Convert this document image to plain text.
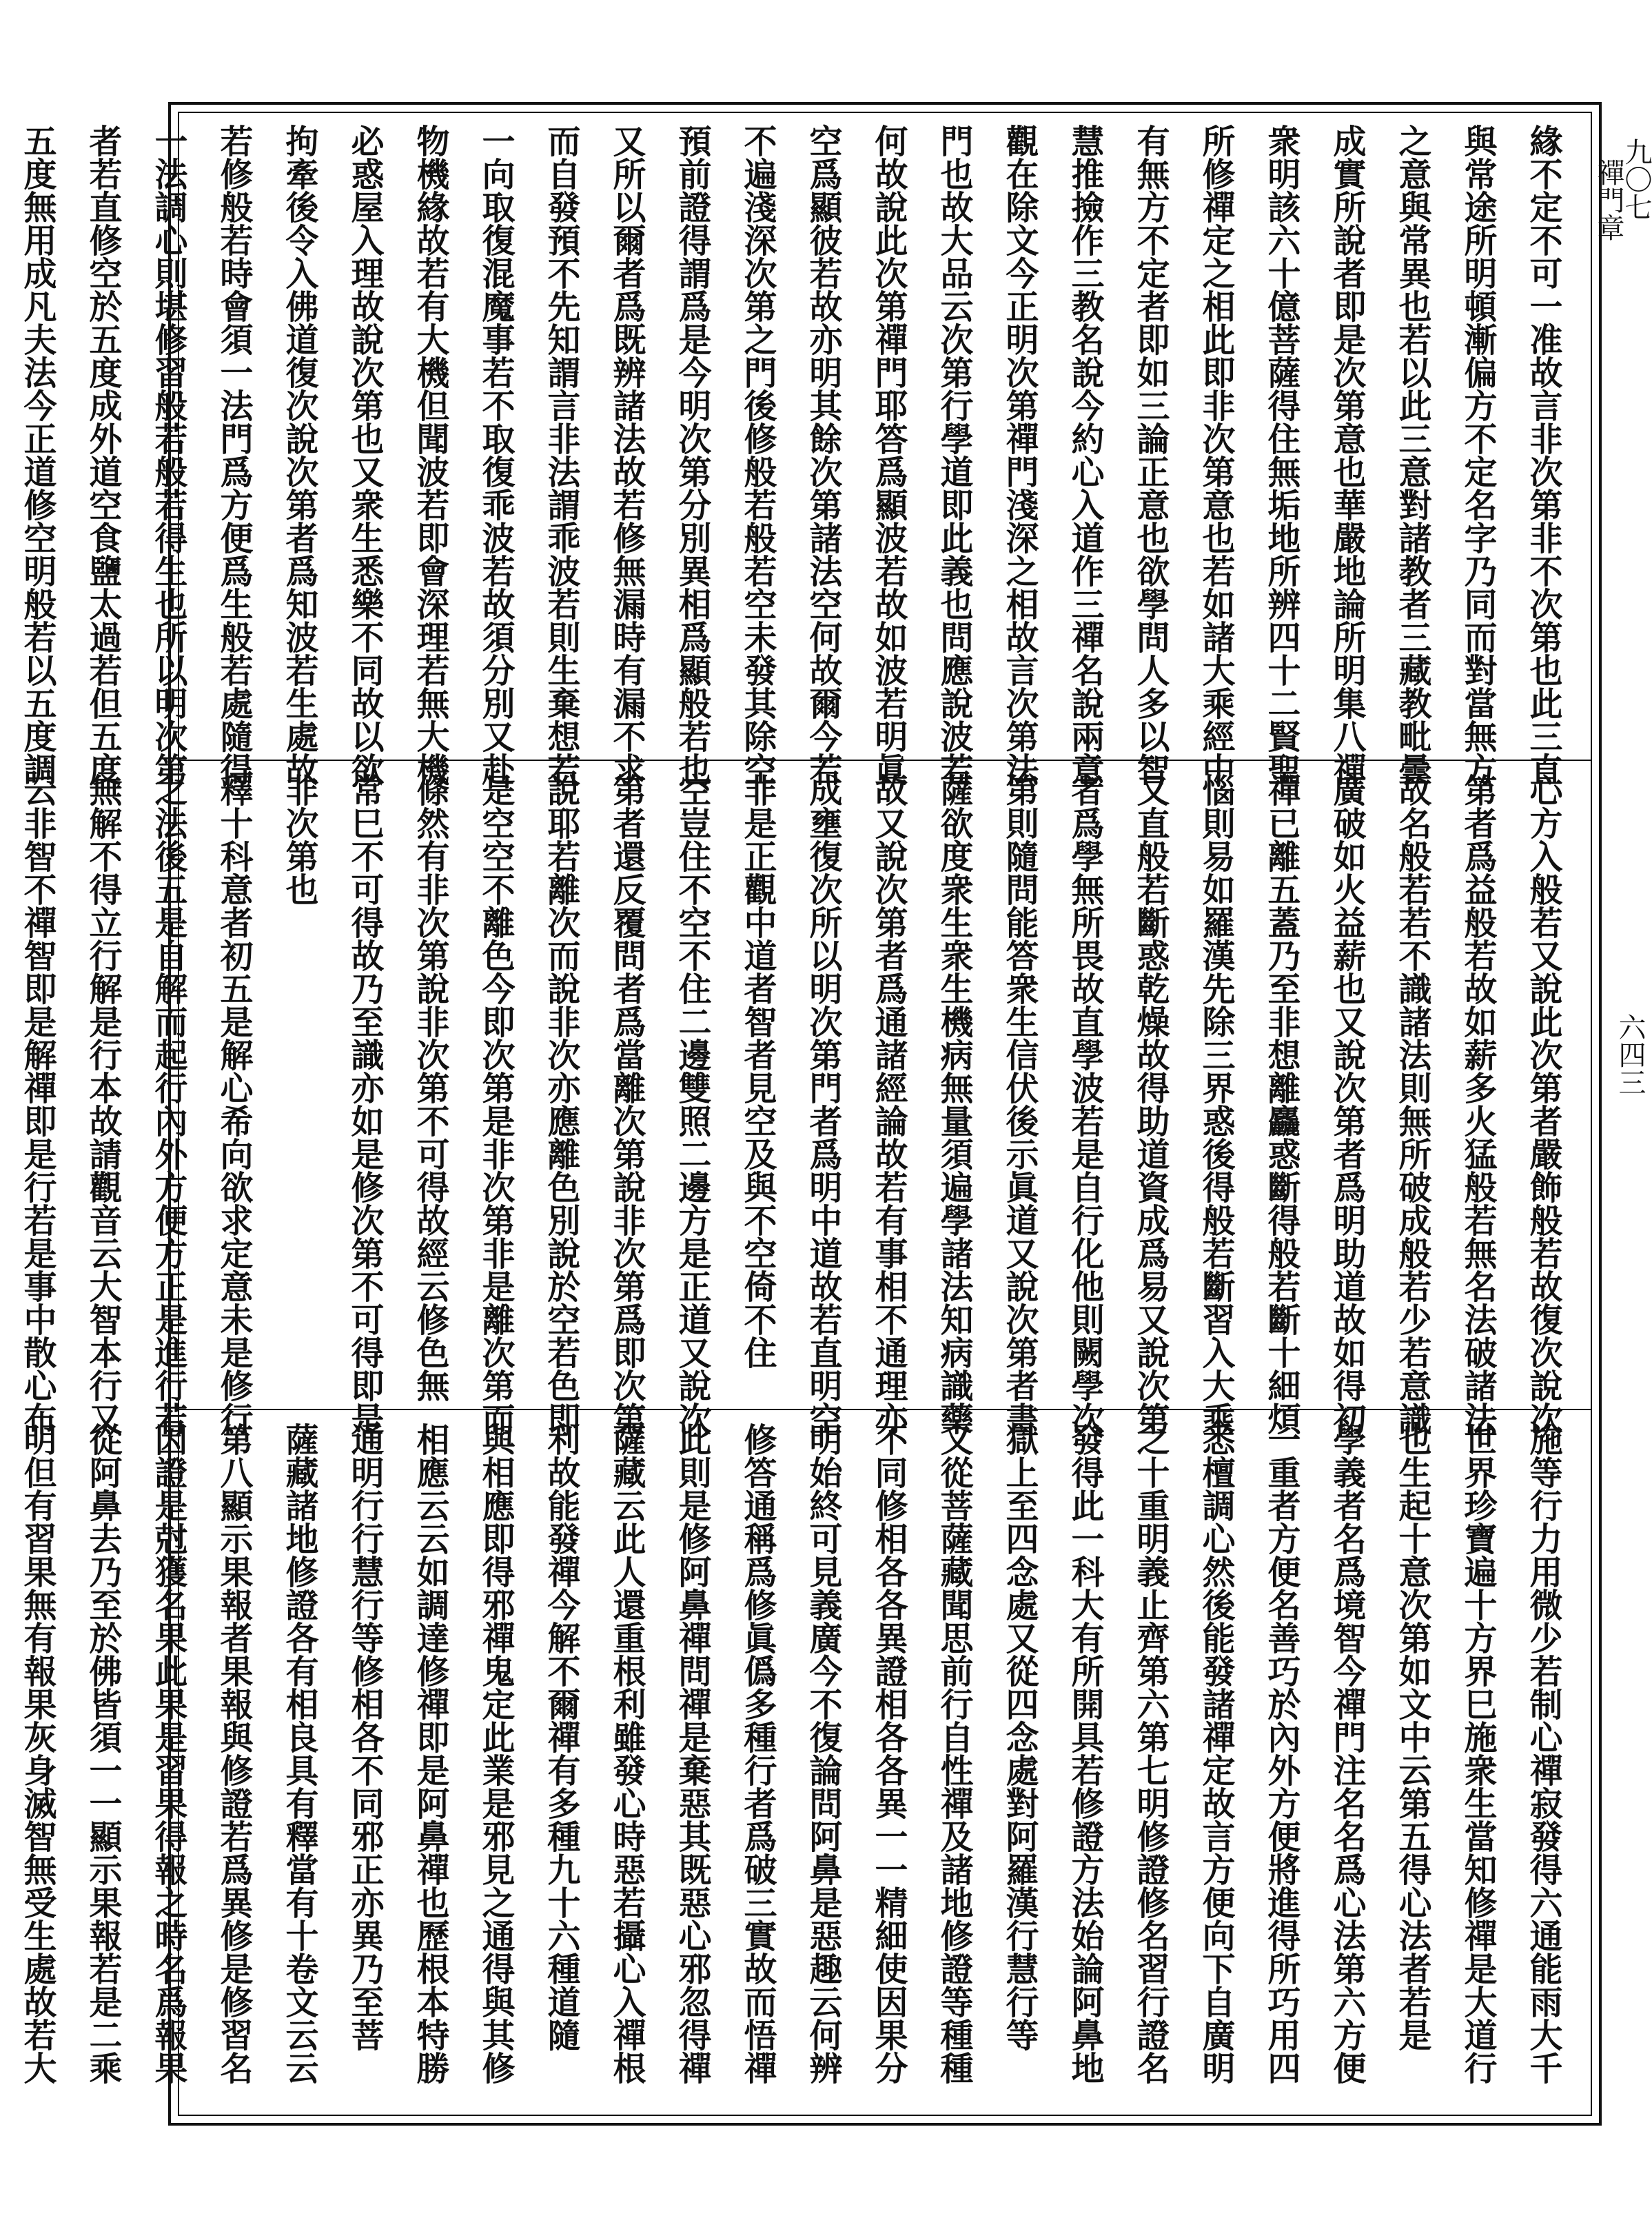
九〇七
禪門章
六四三
緣不定不可一准故言非次第非不次第也此三直
與常途所明頓漸偏方不定名字乃同而對當無方
之意與常異也若以此三意對諸教者三藏教毗曇
成實所說者即是次第意也華嚴地論所明集八禪
衆明該六十億菩薩得住無垢地所辨四十二賢聖
所修禪定之相此即非次第意也若如諸大乘經中
有無方不定者即如三論正意也欲學問人多以智
慧推撿作三教名說今約心入道作三禪名說兩意
觀在除文今正明次第禪門淺深之相故言次第法
門也故大品云次第行學道即此義也問應說波若
何故說此次第禪門耶答爲顯波若故如波若明眞
空爲顯彼若故亦明其餘次第諸法空何故爾今若
不遍淺深次第之門後修般若般若空未發其除空
預前證得謂爲是今明次第分別異相爲顯般若也
又所以爾者爲既辨諸法故若修無漏時有漏不求
而自發預不先知謂言非法謂乖波若則生棄想若
一向取復混魔事若不取復乖波若故須分別又赴
物機緣故若有大機但聞波若即會深理若無大機
必惑屋入理故說次第也又衆生悉樂不同故以欲
拘牽後令入佛道復次說次第者爲知波若生處故
若修般若時會須一法門爲方便爲生般若處隨得
一法調心則堪修習般若般若得生也所以明次第
者若直修空於五度成外道空食鹽太過若但五度
五度無用成凡夫法今正道修空明般若以五度調
心方入般若又說此次第者嚴飾般若故復次說次
第者爲益般若故如薪多火猛般若無名法破諸法
故名般若若不識諸法則無所破成般若少若意識
廣破如火益薪也又說次第者爲明助道故如得初
禪已離五蓋乃至非想離麤惑斷得般若斷十細煩
惱則易如羅漢先除三界惑後得般若斷習入大乘
又直般若斷惑乾燥故得助道資成爲易又說次第
者爲學無所畏故直學波若是自行化他則闕學次
第則隨問能答衆生信伏後示眞道又說次第者書
薩欲度衆生衆生機病無量須遍學諸法知病識藥
故又說次第者爲通諸經論故若有事相不通理亦
成壅復次所以明次第門者爲明中道故若直明空
非是正觀中道者智者見空及與不空倚不住
空豈住不空不住二邊雙照二邊方是正道又說次
第者還反覆問者爲當離次第說非次第爲即次第
說耶若離次而說非次亦應離色別說於空若色即
是空空不離色今即次第是非次第非是離次第而
條然有非次第說非次第不可得故經云修色無
常巳不可得故乃至識亦如是修次第不可得即是
非次第也
釋十科意者初五是解心希向欲求定意未是修行
之法後五是自解而起行內外方便方正是進行若
無解不得立行解是行本故請觀音云大智本行又
云非智不禪智即是解禪即是行若是事中散心布
施等行力用微少若制心禪寂發得六通能雨大千
世界珍寶遍十方界巳施衆生當知修禪是大道行
也生起十意次第如文中云第五得心法者若是
學義者名爲境智今禪門注名名爲心法第六方便
一重者方便名善巧於內外方便將進得所巧用四
悉檀調心然後能發諸禪定故言方便向下自廣明
之十重明義止齊第六第七明修證修名習行證名
發得此一科大有所開具若修證方法始論阿鼻地
獄上至四念處又從四念處對阿羅漢行慧行等
又從菩薩藏聞思前行自性禪及諸地修證等種種
不同修相各各異證相各各異一一精細使因果分
明始終可見義廣今不復論問阿鼻是惡趣云何辨
修答通稱爲修眞僞多種行者爲破三實故而悟禪
此則是修阿鼻禪問禪是棄惡其既惡心邪忽得禪
薩藏云此人還重根利雖發心時惡若攝心入禪根
利故能發禪今解不爾禪有多種九十六種道隨
與相應即得邪禪鬼定此業是邪見之通得與其修
相應云云如調達修禪即是阿鼻禪也歷根本特勝
通明行行慧行等修相各不同邪正亦異乃至菩
薩藏諸地修證各有相良具有釋當有十卷文云云
第八顯示果報者果報與修證若爲異修是修習名
因證是尅獲名果此果是習果得報之時名爲報果
從阿鼻去乃至於佛皆須一一顯示果報若是二乘
明但有習果無有報果灰身滅智無受生處故若大
